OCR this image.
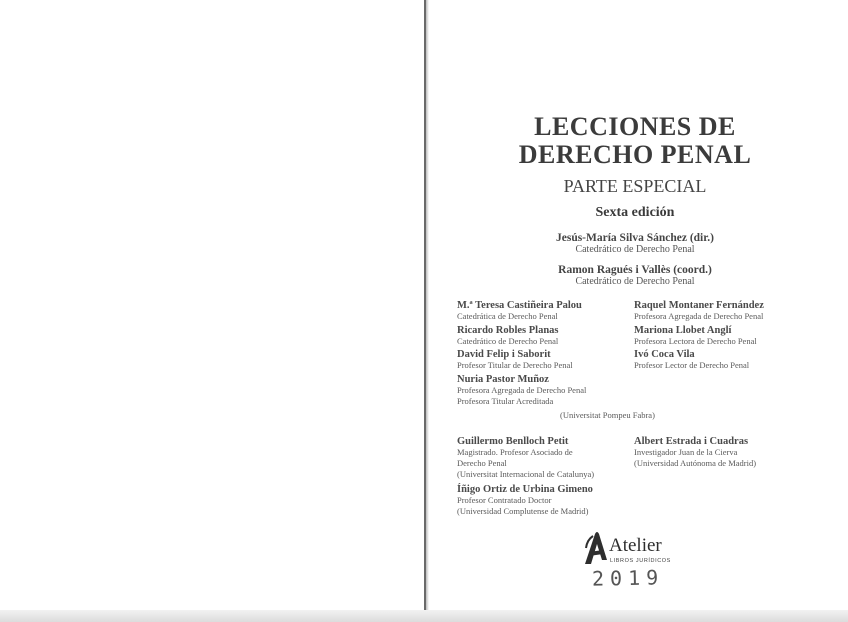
LECCIONES DE
DERECHO PENAL
PARTE ESPECIAL
Sexta edición
Jesús-María Silva Sánchez (dir.)
Catedrático de Derecho Penal
Ramon Ragués i Vallès (coord.)
Catedrático de Derecho Penal
M.ª Teresa Castiñeira Palou
Catedrática de Derecho Penal
Ricardo Robles Planas
Catedrático de Derecho Penal
David Felip i Saborit
Profesor Titular de Derecho Penal
Nuria Pastor Muñoz
Profesora Agregada de Derecho Penal
Profesora Titular Acreditada
Raquel Montaner Fernández
Profesora Agregada de Derecho Penal
Mariona Llobet Anglí
Profesora Lectora de Derecho Penal
Ivó Coca Vila
Profesor Lector de Derecho Penal
(Universitat Pompeu Fabra)
Guillermo Benlloch Petit
Magistrado. Profesor Asociado de
Derecho Penal
(Universitat Internacional de Catalunya)
Íñigo Ortiz de Urbina Gimeno
Profesor Contratado Doctor
(Universidad Complutense de Madrid)
Albert Estrada i Cuadras
Investigador Juan de la Cierva
(Universidad Autónoma de Madrid)
Atelier
LIBROS JURÍDICOS
2019
